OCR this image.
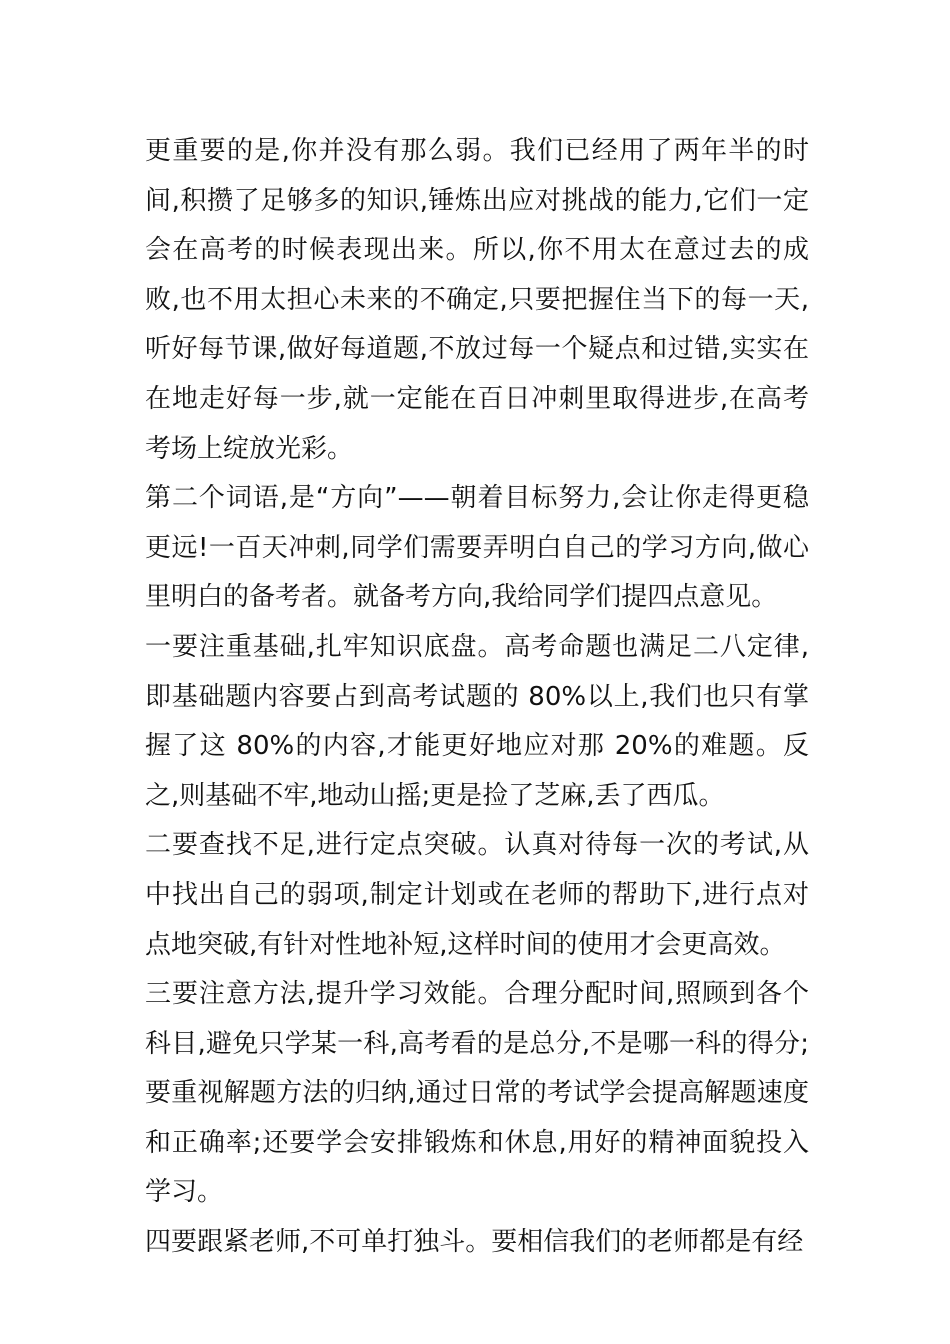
更重要的是,你并没有那么弱。我们已经用了两年半的时间,积攒了足够多的知识,锤炼出应对挑战的能力,它们一定会在高考的时候表现出来。所以,你不用太在意过去的成败,也不用太担心未来的不确定,只要把握住当下的每一天,听好每节课,做好每道题,不放过每一个疑点和过错,实实在在地走好每一步,就一定能在百日冲刺里取得进步,在高考考场上绽放光彩。

第二个词语,是“方向”——朝着目标努力,会让你走得更稳更远!一百天冲刺,同学们需要弄明白自己的学习方向,做心里明白的备考者。就备考方向,我给同学们提四点意见。

一要注重基础,扎牢知识底盘。高考命题也满足二八定律,即基础题内容要占到高考试题的 80%以上,我们也只有掌握了这 80%的内容,才能更好地应对那 20%的难题。反之,则基础不牢,地动山摇;更是捡了芝麻,丢了西瓜。

二要查找不足,进行定点突破。认真对待每一次的考试,从中找出自己的弱项,制定计划或在老师的帮助下,进行点对点地突破,有针对性地补短,这样时间的使用才会更高效。

三要注意方法,提升学习效能。合理分配时间,照顾到各个科目,避免只学某一科,高考看的是总分,不是哪一科的得分;要重视解题方法的归纳,通过日常的考试学会提高解题速度和正确率;还要学会安排锻炼和休息,用好的精神面貌投入学习。

四要跟紧老师,不可单打独斗。要相信我们的老师都是有经
